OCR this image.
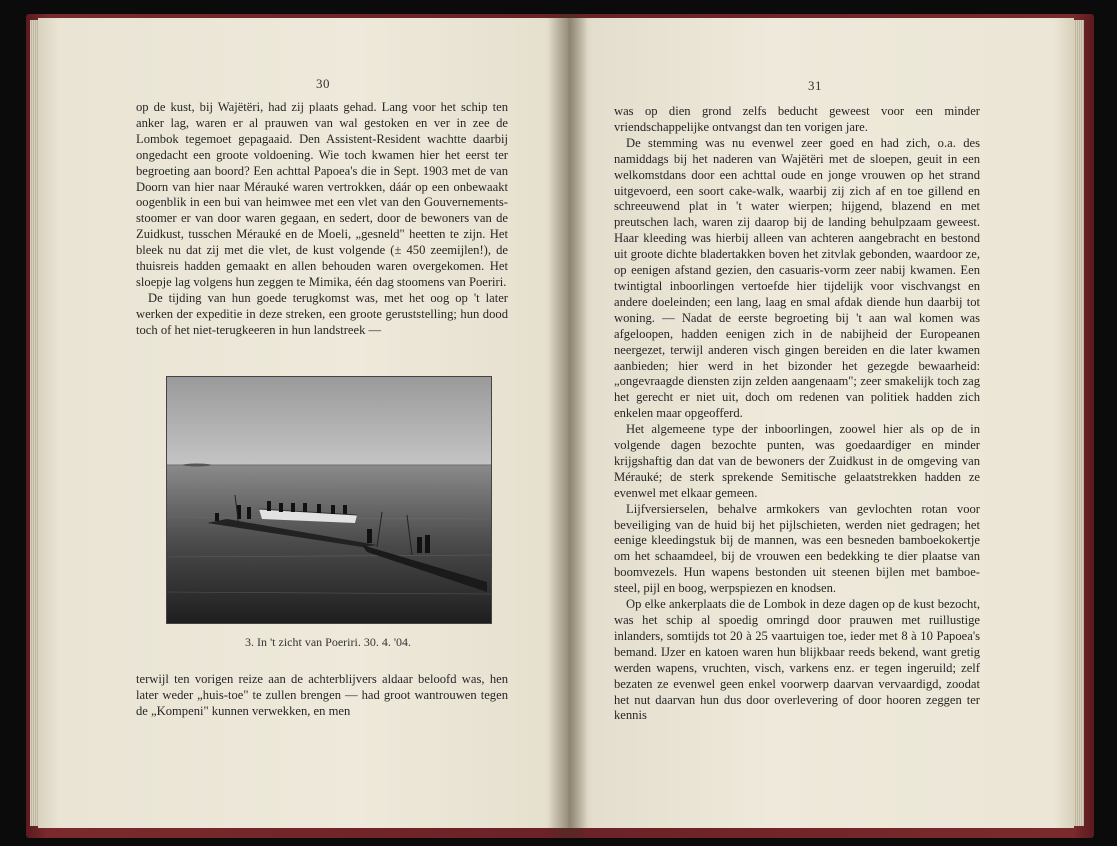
30

op de kust, bij Wajëtëri, had zij plaats gehad. Lang voor het schip ten anker lag, waren er al prauwen van wal gestoken en ver in zee de Lombok tegemoet gepagaaid. Den Assistent-Resident wachtte daarbij ongedacht een groote voldoening. Wie toch kwamen hier het eerst ter begroeting aan boord? Een achttal Papoea's die in Sept. 1903 met de van Doorn van hier naar Mérauké waren vertrokken, dáár op een onbewaakt oogenblik in een bui van heimwee met een vlet van den Gouvernements-stoomer er van door waren gegaan, en sedert, door de bewoners van de Zuidkust, tusschen Mérauké en de Moeli, „gesneld" heetten te zijn. Het bleek nu dat zij met die vlet, de kust volgende (± 450 zeemijlen!), de thuisreis hadden gemaakt en allen behouden waren overgekomen. Het sloepje lag volgens hun zeggen te Mimika, één dag stoomens van Poeriri.

De tijding van hun goede terugkomst was, met het oog op 't later werken der expeditie in deze streken, een groote geruststelling; hun dood toch of het niet-terugkeeren in hun landstreek —

3. In 't zicht van Poeriri. 30. 4. '04.

terwijl ten vorigen reize aan de achterblijvers aldaar beloofd was, hen later weder „huis-toe" te zullen brengen — had groot wantrouwen tegen de „Kompeni" kunnen verwekken, en men

31

was op dien grond zelfs beducht geweest voor een minder vriendschappelijke ontvangst dan ten vorigen jare.

De stemming was nu evenwel zeer goed en had zich, o.a. des namiddags bij het naderen van Wajëtëri met de sloepen, geuit in een welkomstdans door een achttal oude en jonge vrouwen op het strand uitgevoerd, een soort cake-walk, waarbij zij zich af en toe gillend en schreeuwend plat in 't water wierpen; hijgend, blazend en met preutschen lach, waren zij daarop bij de landing behulpzaam geweest. Haar kleeding was hierbij alleen van achteren aangebracht en bestond uit groote dichte bladertakken boven het zitvlak gebonden, waardoor ze, op eenigen afstand gezien, den casuaris-vorm zeer nabij kwamen. Een twintigtal inboorlingen vertoefde hier tijdelijk voor vischvangst en andere doeleinden; een lang, laag en smal afdak diende hun daarbij tot woning. — Nadat de eerste begroeting bij 't aan wal komen was afgeloopen, hadden eenigen zich in de nabijheid der Europeanen neergezet, terwijl anderen visch gingen bereiden en die later kwamen aanbieden; hier werd in het bizonder het gezegde bewaarheid: „ongevraagde diensten zijn zelden aangenaam"; zeer smakelijk toch zag het gerecht er niet uit, doch om redenen van politiek hadden zich enkelen maar opgeofferd.

Het algemeene type der inboorlingen, zoowel hier als op de in volgende dagen bezochte punten, was goedaardiger en minder krijgshaftig dan dat van de bewoners der Zuidkust in de omgeving van Mérauké; de sterk sprekende Semitische gelaatstrekken hadden ze evenwel met elkaar gemeen.

Lijfversierselen, behalve armkokers van gevlochten rotan voor beveiliging van de huid bij het pijlschieten, werden niet gedragen; het eenige kleedingstuk bij de mannen, was een besneden bamboekokertje om het schaamdeel, bij de vrouwen een bedekking te dier plaatse van boomvezels. Hun wapens bestonden uit steenen bijlen met bamboe-steel, pijl en boog, werpspiezen en knodsen.

Op elke ankerplaats die de Lombok in deze dagen op de kust bezocht, was het schip al spoedig omringd door prauwen met ruillustige inlanders, somtijds tot 20 à 25 vaartuigen toe, ieder met 8 à 10 Papoea's bemand. IJzer en katoen waren hun blijkbaar reeds bekend, want gretig werden wapens, vruchten, visch, varkens enz. er tegen ingeruild; zelf bezaten ze evenwel geen enkel voorwerp daarvan vervaardigd, zoodat het nut daarvan hun dus door overlevering of door hooren zeggen ter kennis
